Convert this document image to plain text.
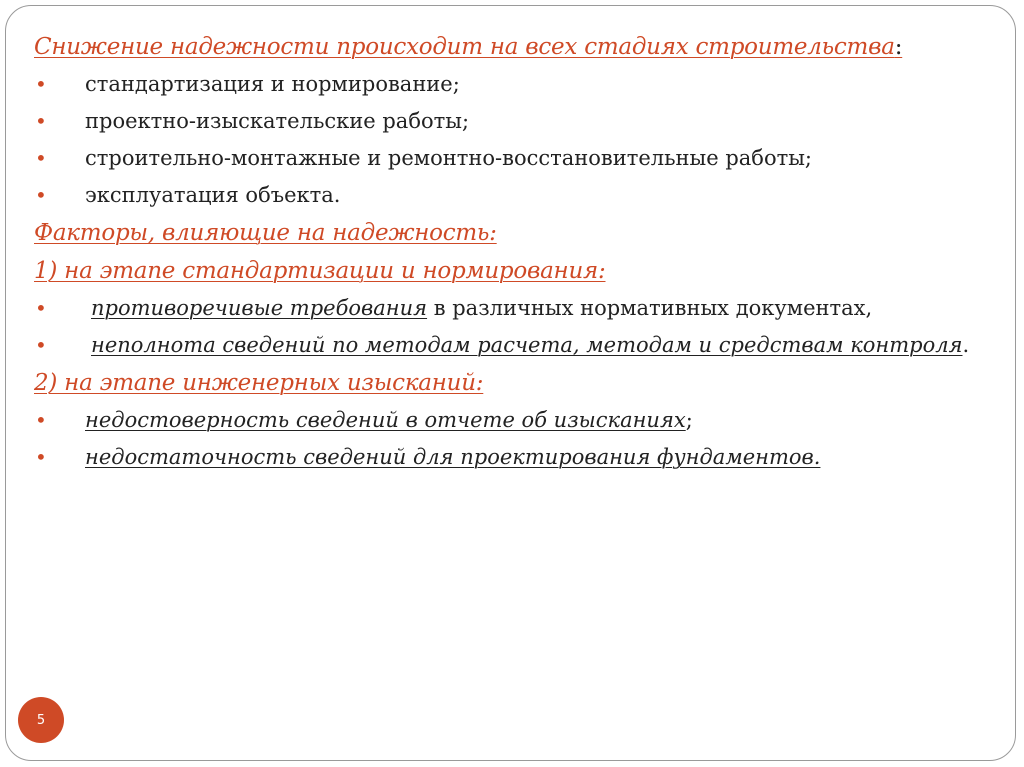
Снижение надежности происходит на всех стадиях строительства:
• стандартизация и нормирование;
• проектно-изыскательские работы;
• строительно-монтажные и ремонтно-восстановительные работы;
• эксплуатация объекта.
Факторы, влияющие на надежность:
1) на этапе стандартизации и нормирования:
• противоречивые требования в различных нормативных документах,
• неполнота сведений по методам расчета, методам и средствам контроля.
2) на этапе инженерных изысканий:
• недостоверность сведений в отчете об изысканиях;
• недостаточноcть сведений для проектирования фундаментов.
5
